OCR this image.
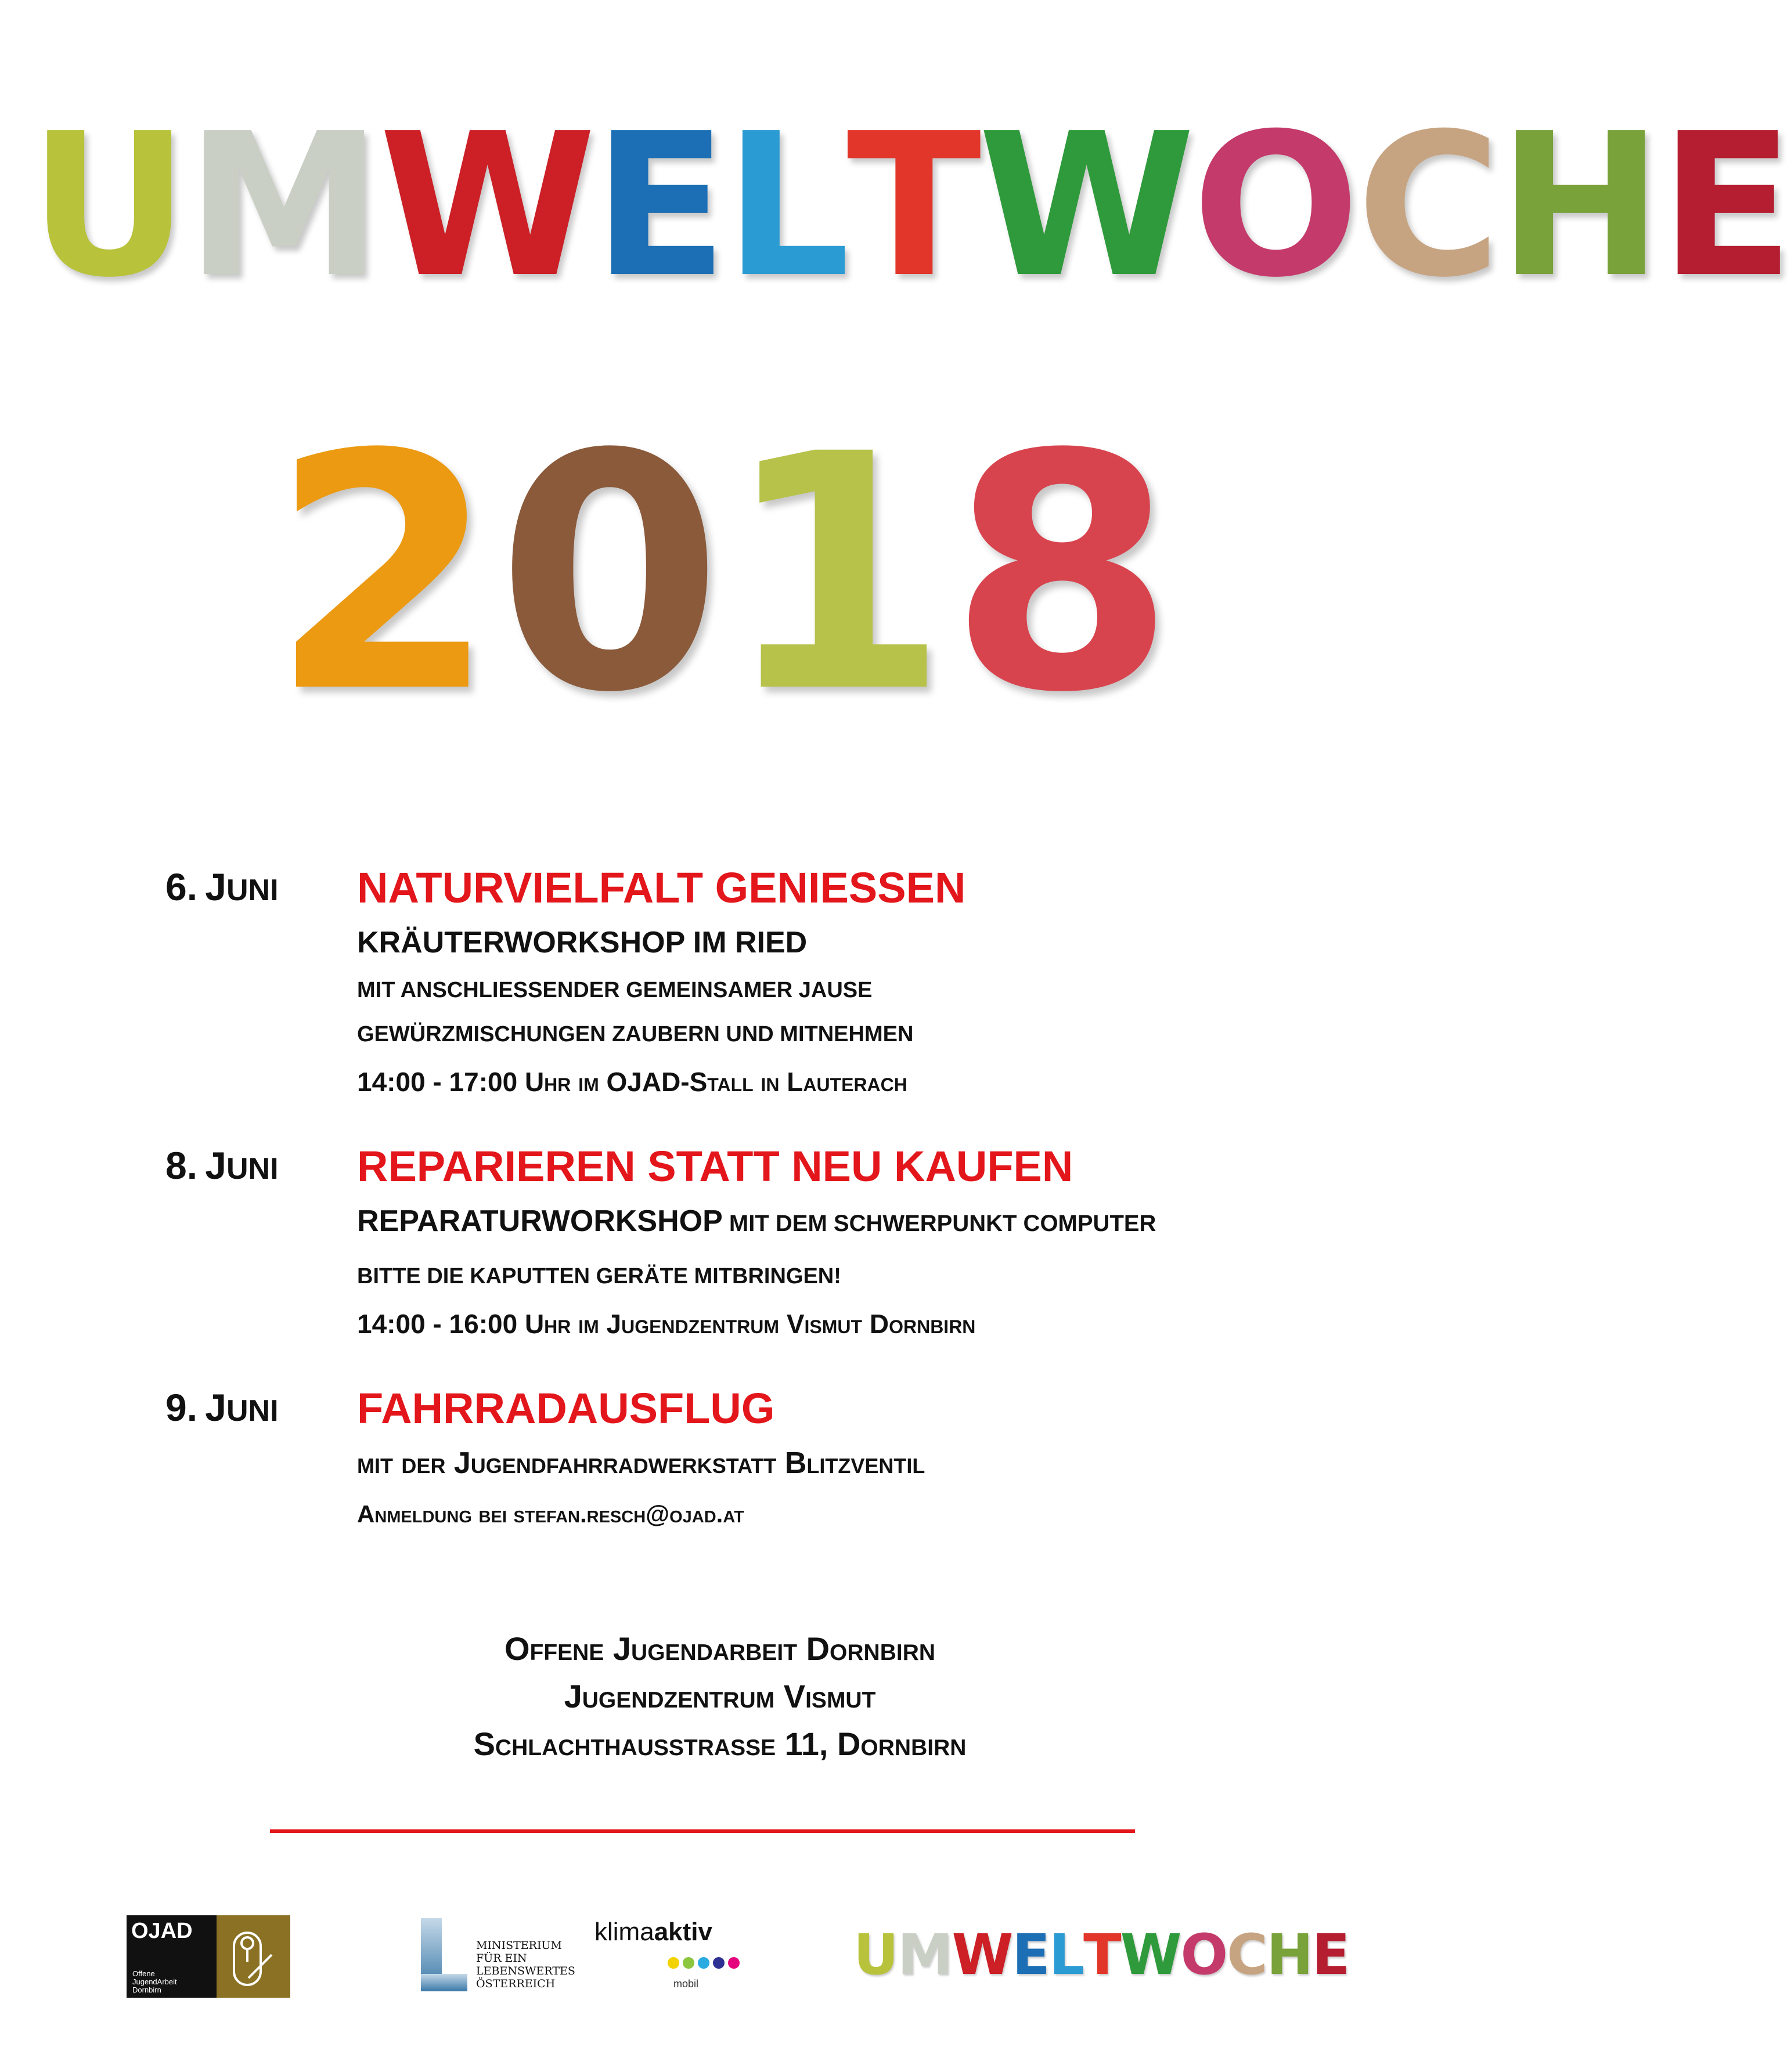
U M W E L T W O C H E
2 0 1 8
6.  JUNI NATURVIELFALT GENIESSEN
KRÄUTERWORKSHOP IM RIED
MIT ANSCHLIESSENDER GEMEINSAMER JAUSE
GEWÜRZMISCHUNGEN ZAUBERN UND MITNEHMEN
14:00 - 17:00 Uhr im OJAD-Stall in Lauterach
8.  JUNI REPARIEREN STATT NEU KAUFEN
REPARATURWORKSHOP MIT DEM SCHWERPUNKT COMPUTER
BITTE DIE KAPUTTEN GERÄTE MITBRINGEN!
14:00 - 16:00 Uhr im Jugendzentrum Vismut Dornbirn
9.  JUNI FAHRRADAUSFLUG
mit der Jugendfahrradwerkstatt Blitzventil
Anmeldung bei stefan.resch@ojad.at
Offene Jugendarbeit Dornbirn
Jugendzentrum Vismut
Schlachthausstrasse 11, Dornbirn
OJAD
Offene
JugendArbeit
Dornbirn
MINISTERIUM
FÜR EIN
LEBENSWERTES
ÖSTERREICH
klimaaktiv
mobil	U M W E L T W O C H E
